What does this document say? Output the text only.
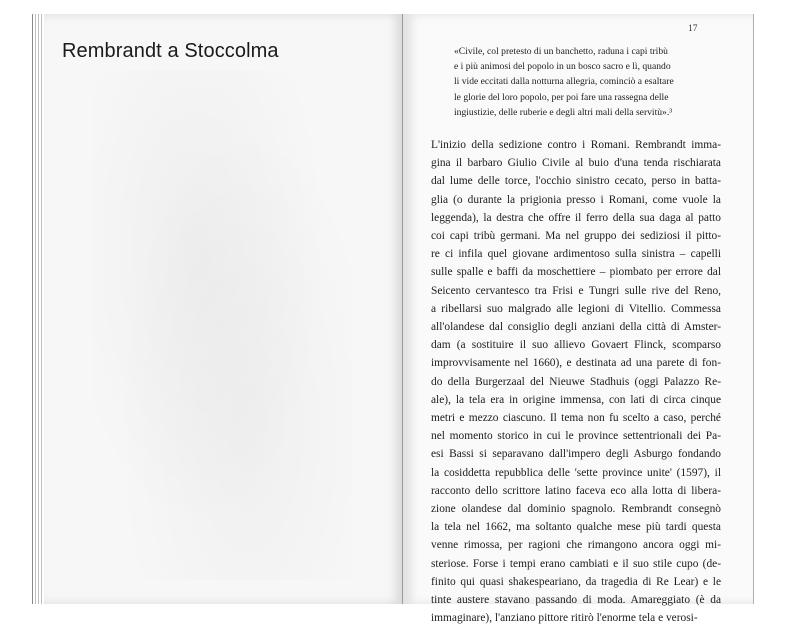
Rembrandt a Stoccolma
17
«Civile, col pretesto di un banchetto, raduna i capi tribù
e i più animosi del popolo in un bosco sacro e lì, quando
li vide eccitati dalla notturna allegria, cominciò a esaltare
le glorie del loro popolo, per poi fare una rassegna delle
ingiustizie, delle ruberie e degli altri mali della servitù».³
L'inizio della sedizione contro i Romani. Rembrandt imma-
gina il barbaro Giulio Civile al buio d'una tenda rischiarata
dal lume delle torce, l'occhio sinistro cecato, perso in batta-
glia (o durante la prigionia presso i Romani, come vuole la
leggenda), la destra che offre il ferro della sua daga al patto
coi capi tribù germani. Ma nel gruppo dei sediziosi il pitto-
re ci infila quel giovane ardimentoso sulla sinistra – capelli
sulle spalle e baffi da moschettiere – piombato per errore dal
Seicento cervantesco tra Frisi e Tungri sulle rive del Reno,
a ribellarsi suo malgrado alle legioni di Vitellio. Commessa
all'olandese dal consiglio degli anziani della città di Amster-
dam (a sostituire il suo allievo Govaert Flinck, scomparso
improvvisamente nel 1660), e destinata ad una parete di fon-
do della Burgerzaal del Nieuwe Stadhuis (oggi Palazzo Re-
ale), la tela era in origine immensa, con lati di circa cinque
metri e mezzo ciascuno. Il tema non fu scelto a caso, perché
nel momento storico in cui le province settentrionali dei Pa-
esi Bassi si separavano dall'impero degli Asburgo fondando
la cosiddetta repubblica delle 'sette province unite' (1597), il
racconto dello scrittore latino faceva eco alla lotta di libera-
zione olandese dal dominio spagnolo. Rembrandt consegnò
la tela nel 1662, ma soltanto qualche mese più tardi questa
venne rimossa, per ragioni che rimangono ancora oggi mi-
steriose. Forse i tempi erano cambiati e il suo stile cupo (de-
finito qui quasi shakespeariano, da tragedia di Re Lear) e le
tinte austere stavano passando di moda. Amareggiato (è da
immaginare), l'anziano pittore ritirò l'enorme tela e verosi-
